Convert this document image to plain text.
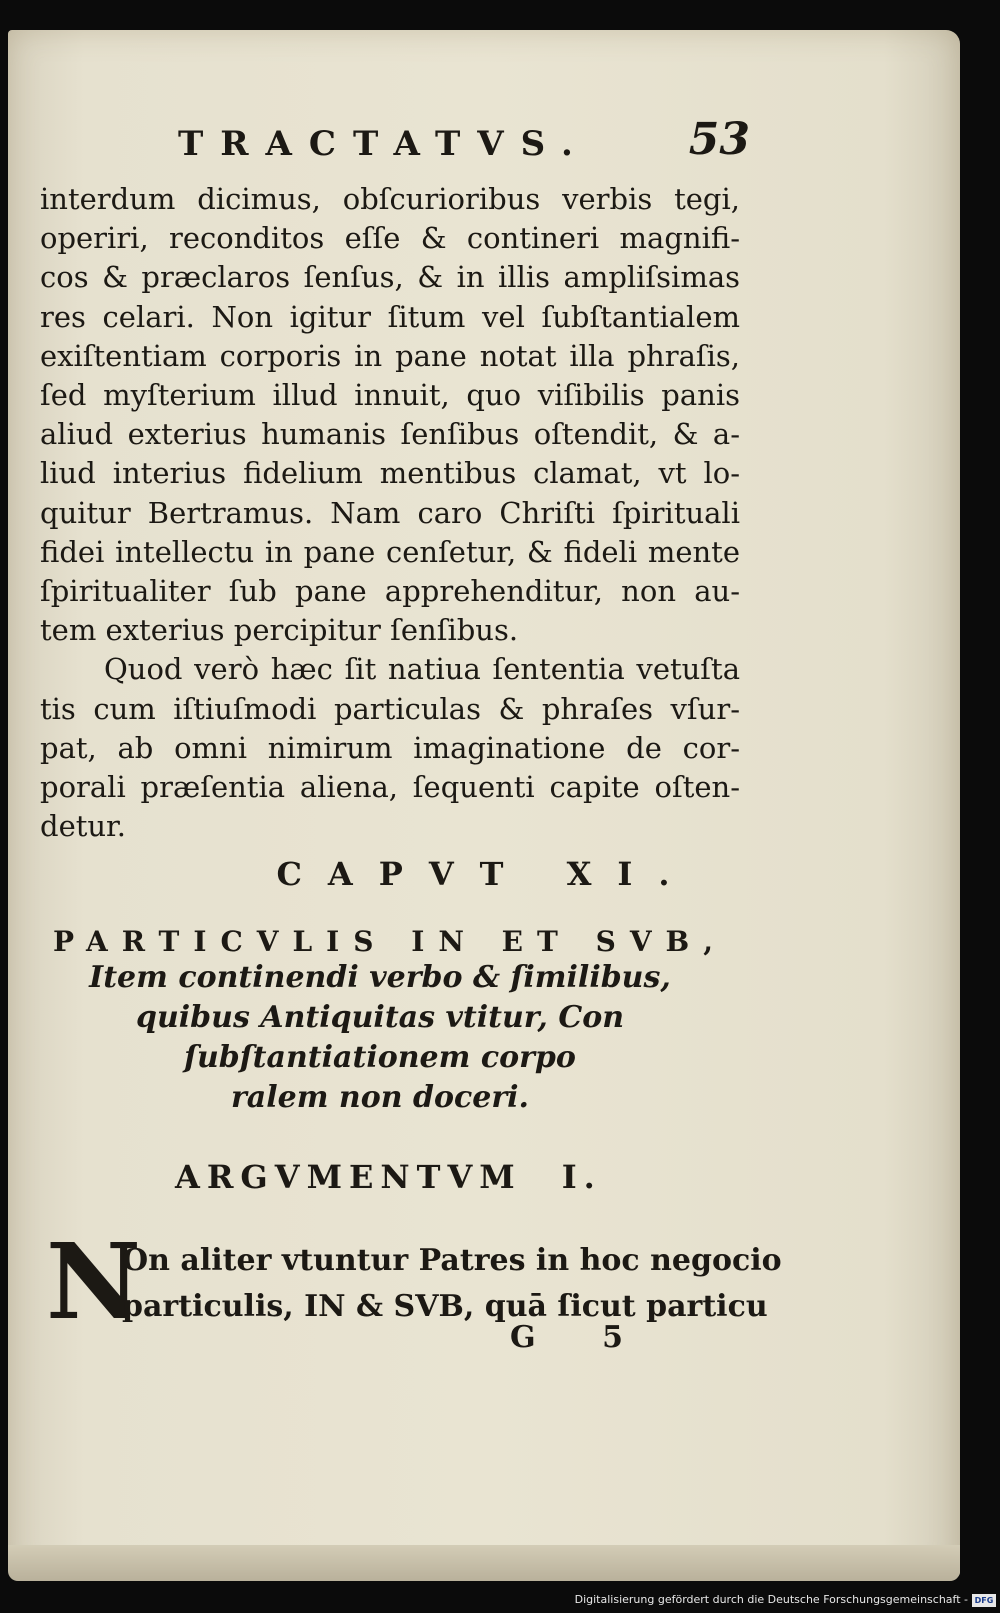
TRACTATVS. 53
interdum dicimus, obſcurioribus verbis tegi,
operiri, reconditos eſſe & contineri magnifi-
cos & præclaros ſenſus, & in illis ampliſsimas
res celari. Non igitur ſitum vel ſubſtantialem
exiſtentiam corporis in pane notat illa phraſis,
ſed myſterium illud innuit, quo viſibilis panis
aliud exterius humanis ſenſibus oſtendit, & a-
liud interius fidelium mentibus clamat, vt lo-
quitur Bertramus. Nam caro Chriſti ſpirituali
fidei intellectu in pane cenſetur, & fideli mente
ſpiritualiter ſub pane apprehenditur, non au-
tem exterius percipitur ſenſibus.
Quod verò hæc ſit natiua ſententia vetuſta
tis cum iſtiuſmodi particulas & phraſes vſur-
pat, ab omni nimirum imaginatione de cor-
porali præſentia aliena, ſequenti capite oſten-
detur.
CAPVT XI.
PARTICVLIS IN ET SVB,
Item continendi verbo & ſimilibus,
quibus Antiquitas vtitur, Con
ſubſtantiationem corpo
ralem non doceri.
ARGVMENTVM I.
N
On aliter vtuntur Patres in hoc negocio
particulis, IN & SVB, quā ſicut particu
G 5
Digitalisierung gefördert durch die Deutsche Forschungsgemeinschaft - DFG
